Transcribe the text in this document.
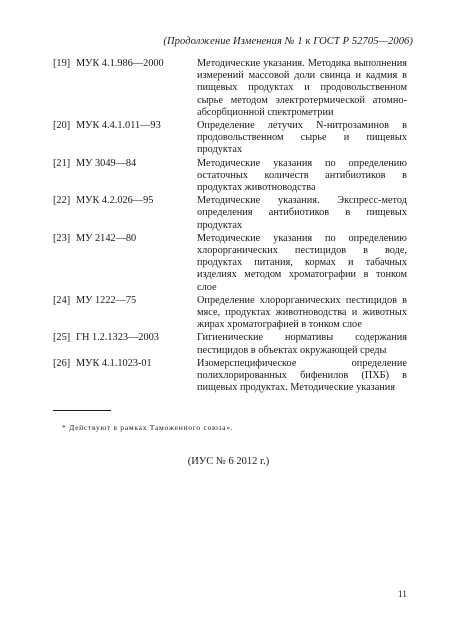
(Продолжение Изменения № 1 к ГОСТ Р 52705—2006)
[19] МУК 4.1.986—2000	Методические указания. Методика выполнения измерений массовой доли свинца и кадмия в пищевых продуктах и продовольственном сырье методом электротермической атомно-абсорбционной спектрометрии
[20] МУК 4.4.1.011—93	Определение летучих N-нитрозаминов в продовольственном сырье и пищевых продуктах
[21] МУ 3049—84	Методические указания по определению остаточных количеств антибиотиков в продуктах животноводства
[22] МУК 4.2.026—95	Методические указания. Экспресс-метод определения антибиотиков в пищевых продуктах
[23] МУ 2142—80	Методические указания по определению хлорорганических пестицидов в воде, продуктах питания, кормах и табачных изделиях методом хроматографии в тонком слое
[24] МУ 1222—75	Определение хлорорганических пестицидов в мясе, продуктах животноводства и животных жирах хроматографией в тонком слое
[25] ГН 1.2.1323—2003	Гигиенические нормативы содержания пестицидов в объектах окружающей среды
[26] МУК 4.1.1023-01	Изомерспецифическое определение полихлорированных бифенилов (ПХБ) в пищевых продуктах. Методические указания
* Действуют в рамках Таможенного союза».
(ИУС № 6 2012 г.)
11
